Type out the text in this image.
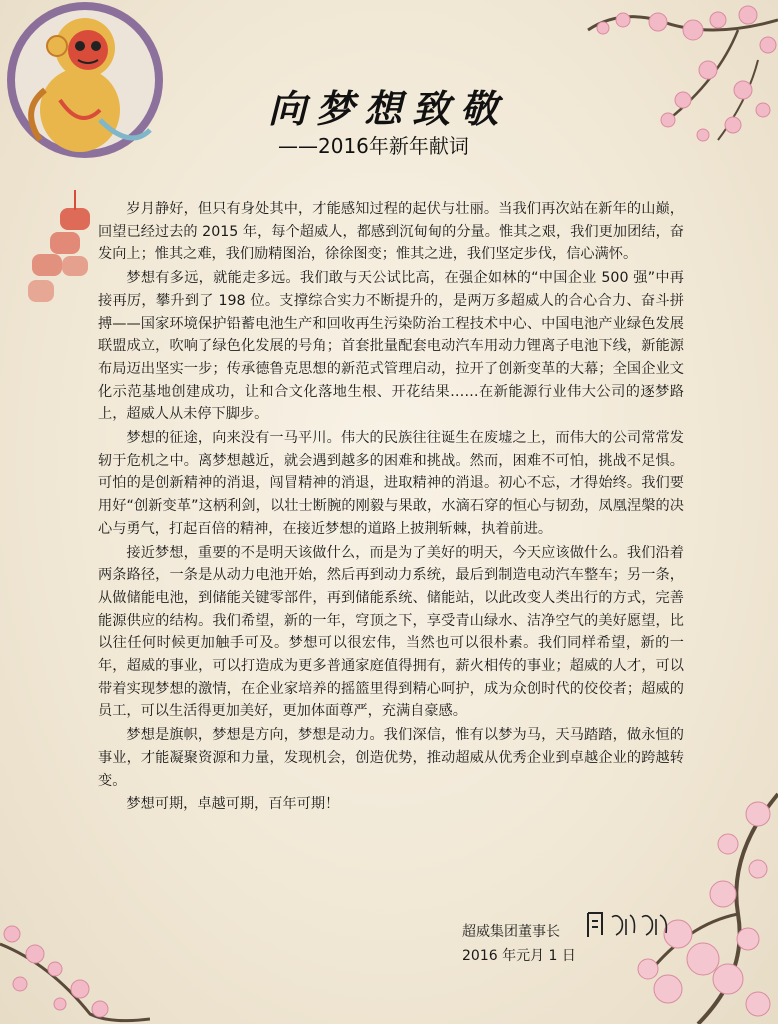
向梦想致敬
——2016年新年献词

岁月静好，但只有身处其中，才能感知过程的起伏与壮丽。当我们再次站在新年的山巅，回望已经过去的 2015 年，每个超威人，都感到沉甸甸的分量。惟其之艰，我们更加团结，奋发向上；惟其之难，我们励精图治，徐徐图变；惟其之进，我们坚定步伐，信心满怀。

梦想有多远，就能走多远。我们敢与天公试比高，在强企如林的“中国企业 500 强”中再接再厉，攀升到了 198 位。支撑综合实力不断提升的，是两万多超威人的合心合力、奋斗拼搏——国家环境保护铅蓄电池生产和回收再生污染防治工程技术中心、中国电池产业绿色发展联盟成立，吹响了绿色化发展的号角；首套批量配套电动汽车用动力锂离子电池下线，新能源布局迈出坚实一步；传承德鲁克思想的新范式管理启动，拉开了创新变革的大幕；全国企业文化示范基地创建成功，让和合文化落地生根、开花结果……在新能源行业伟大公司的逐梦路上，超威人从未停下脚步。

梦想的征途，向来没有一马平川。伟大的民族往往诞生在废墟之上，而伟大的公司常常发轫于危机之中。离梦想越近，就会遇到越多的困难和挑战。然而，困难不可怕，挑战不足惧。可怕的是创新精神的消退，闯冒精神的消退，进取精神的消退。初心不忘，才得始终。我们要用好“创新变革”这柄利剑，以壮士断腕的刚毅与果敢，水滴石穿的恒心与韧劲，凤凰涅槃的决心与勇气，打起百倍的精神，在接近梦想的道路上披荆斩棘，执着前进。

接近梦想，重要的不是明天该做什么，而是为了美好的明天，今天应该做什么。我们沿着两条路径，一条是从动力电池开始，然后再到动力系统，最后到制造电动汽车整车；另一条，从做储能电池，到储能关键零部件，再到储能系统、储能站，以此改变人类出行的方式，完善能源供应的结构。我们希望，新的一年，穹顶之下，享受青山绿水、洁净空气的美好愿望，比以往任何时候更加触手可及。梦想可以很宏伟，当然也可以很朴素。我们同样希望，新的一年，超威的事业，可以打造成为更多普通家庭值得拥有，薪火相传的事业；超威的人才，可以带着实现梦想的激情，在企业家培养的摇篮里得到精心呵护，成为众创时代的佼佼者；超威的员工，可以生活得更加美好，更加体面尊严，充满自豪感。

梦想是旗帜，梦想是方向，梦想是动力。我们深信，惟有以梦为马，天马踏踏，做永恒的事业，才能凝聚资源和力量，发现机会，创造优势，推动超威从优秀企业到卓越企业的跨越转变。

梦想可期，卓越可期，百年可期！

超威集团董事长
2016 年元月 1 日
